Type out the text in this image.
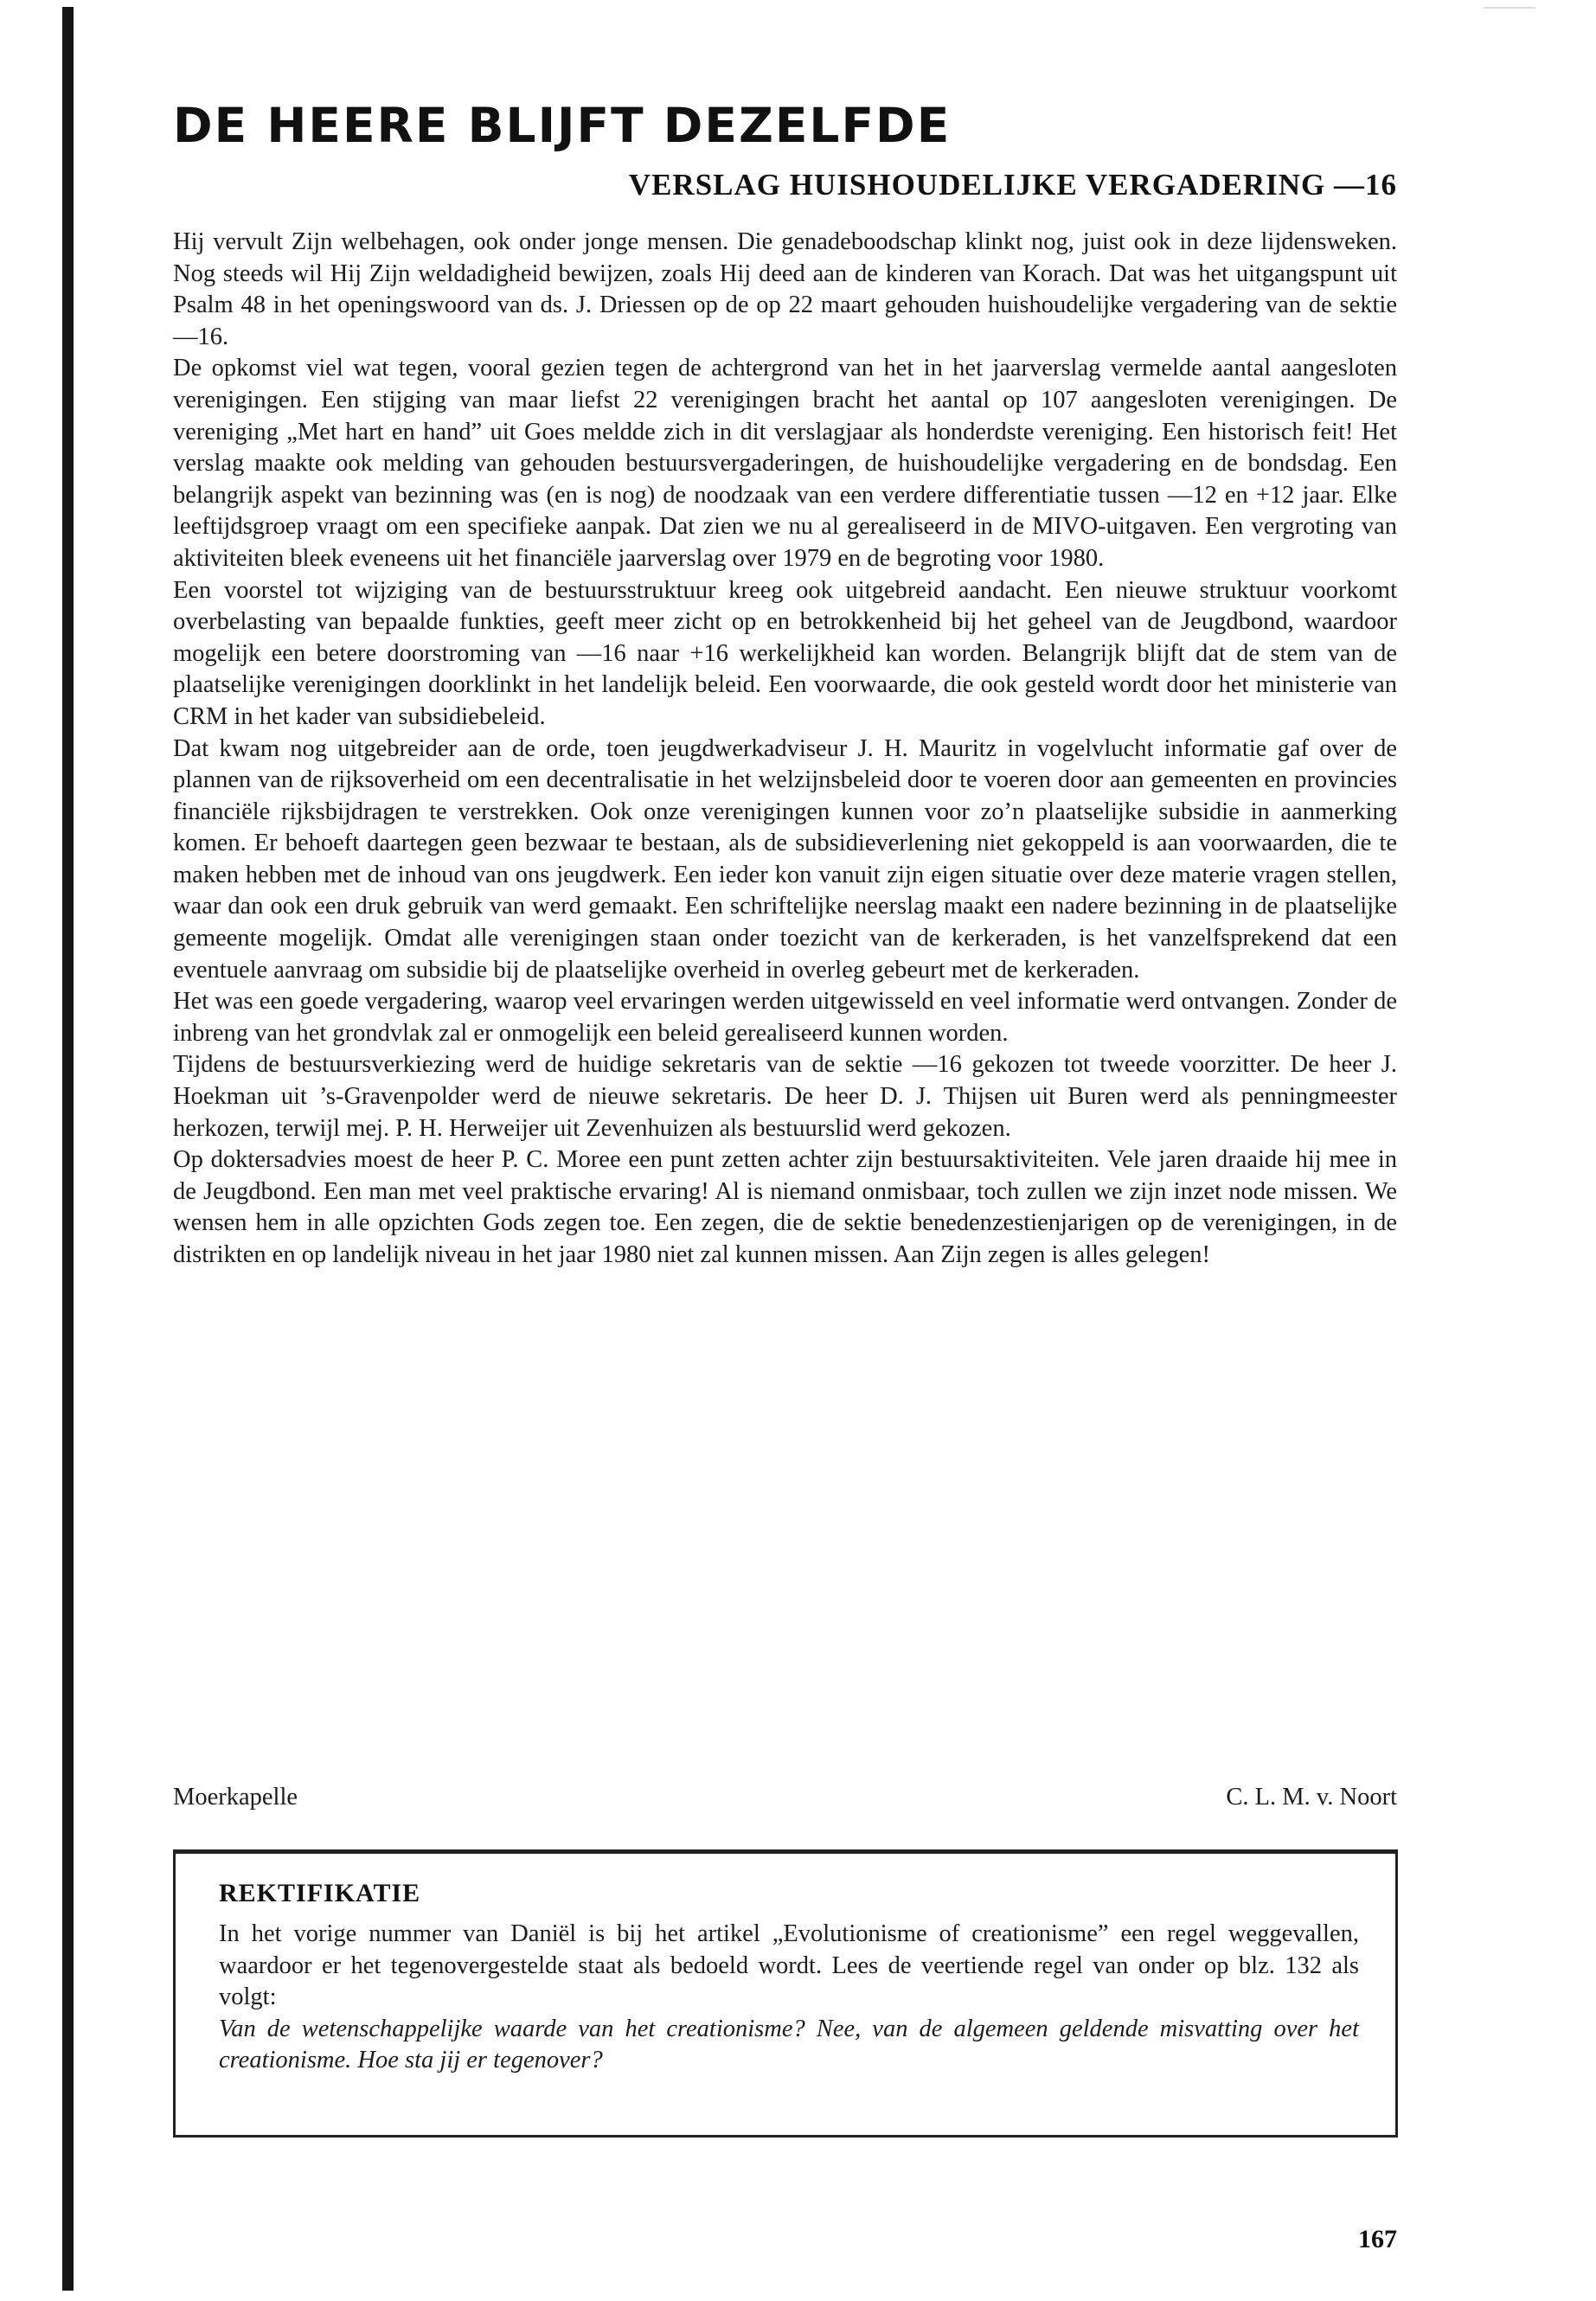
DE HEERE BLIJFT DEZELFDE
VERSLAG HUISHOUDELIJKE VERGADERING —16

Hij vervult Zijn welbehagen, ook onder jonge mensen. Die genadeboodschap klinkt nog, juist ook in deze lijdensweken. Nog steeds wil Hij Zijn weldadigheid bewijzen, zoals Hij deed aan de kinderen van Korach. Dat was het uitgangspunt uit Psalm 48 in het openingswoord van ds. J. Driessen op de op 22 maart gehouden huishoudelijke vergadering van de sektie —16.

De opkomst viel wat tegen, vooral gezien tegen de achtergrond van het in het jaarverslag vermelde aantal aangesloten verenigingen. Een stijging van maar liefst 22 verenigingen bracht het aantal op 107 aangesloten verenigingen. De vereniging „Met hart en hand” uit Goes meldde zich in dit verslagjaar als honderdste vereniging. Een historisch feit! Het verslag maakte ook melding van gehouden bestuursvergaderingen, de huishoudelijke vergadering en de bondsdag. Een belangrijk aspekt van bezinning was (en is nog) de noodzaak van een verdere differentiatie tussen —12 en +12 jaar. Elke leeftijdsgroep vraagt om een specifieke aanpak. Dat zien we nu al gerealiseerd in de MIVO-uitgaven. Een vergroting van aktiviteiten bleek eveneens uit het financiële jaarverslag over 1979 en de begroting voor 1980.

Een voorstel tot wijziging van de bestuursstruktuur kreeg ook uitgebreid aandacht. Een nieuwe struktuur voorkomt overbelasting van bepaalde funkties, geeft meer zicht op en betrokkenheid bij het geheel van de Jeugdbond, waardoor mogelijk een betere doorstroming van —16 naar +16 werkelijkheid kan worden. Belangrijk blijft dat de stem van de plaatselijke verenigingen doorklinkt in het landelijk beleid. Een voorwaarde, die ook gesteld wordt door het ministerie van CRM in het kader van subsidiebeleid.

Dat kwam nog uitgebreider aan de orde, toen jeugdwerkadviseur J. H. Mauritz in vogelvlucht informatie gaf over de plannen van de rijksoverheid om een decentralisatie in het welzijnsbeleid door te voeren door aan gemeenten en provincies financiële rijksbijdragen te verstrekken. Ook onze verenigingen kunnen voor zo’n plaatselijke subsidie in aanmerking komen. Er behoeft daartegen geen bezwaar te bestaan, als de subsidieverlening niet gekoppeld is aan voorwaarden, die te maken hebben met de inhoud van ons jeugdwerk. Een ieder kon vanuit zijn eigen situatie over deze materie vragen stellen, waar dan ook een druk gebruik van werd gemaakt. Een schriftelijke neerslag maakt een nadere bezinning in de plaatselijke gemeente mogelijk. Omdat alle verenigingen staan onder toezicht van de kerkeraden, is het vanzelfsprekend dat een eventuele aanvraag om subsidie bij de plaatselijke overheid in overleg gebeurt met de kerkeraden.

Het was een goede vergadering, waarop veel ervaringen werden uitgewisseld en veel informatie werd ontvangen. Zonder de inbreng van het grondvlak zal er onmogelijk een beleid gerealiseerd kunnen worden.

Tijdens de bestuursverkiezing werd de huidige sekretaris van de sektie —16 gekozen tot tweede voorzitter. De heer J. Hoekman uit ’s-Gravenpolder werd de nieuwe sekretaris. De heer D. J. Thijsen uit Buren werd als penningmeester herkozen, terwijl mej. P. H. Herweijer uit Zevenhuizen als bestuurslid werd gekozen.

Op doktersadvies moest de heer P. C. Moree een punt zetten achter zijn bestuursaktiviteiten. Vele jaren draaide hij mee in de Jeugdbond. Een man met veel praktische ervaring! Al is niemand onmisbaar, toch zullen we zijn inzet node missen. We wensen hem in alle opzichten Gods zegen toe. Een zegen, die de sektie benedenzestienjarigen op de verenigingen, in de distrikten en op landelijk niveau in het jaar 1980 niet zal kunnen missen. Aan Zijn zegen is alles gelegen!

Moerkapelle	C. L. M. v. Noort
REKTIFIKATIE

In het vorige nummer van Daniël is bij het artikel „Evolutionisme of creationisme” een regel weggevallen, waardoor er het tegenovergestelde staat als bedoeld wordt. Lees de veertiende regel van onder op blz. 132 als volgt:

Van de wetenschappelijke waarde van het creationisme? Nee, van de algemeen geldende misvatting over het creationisme. Hoe sta jij er tegenover?

167
